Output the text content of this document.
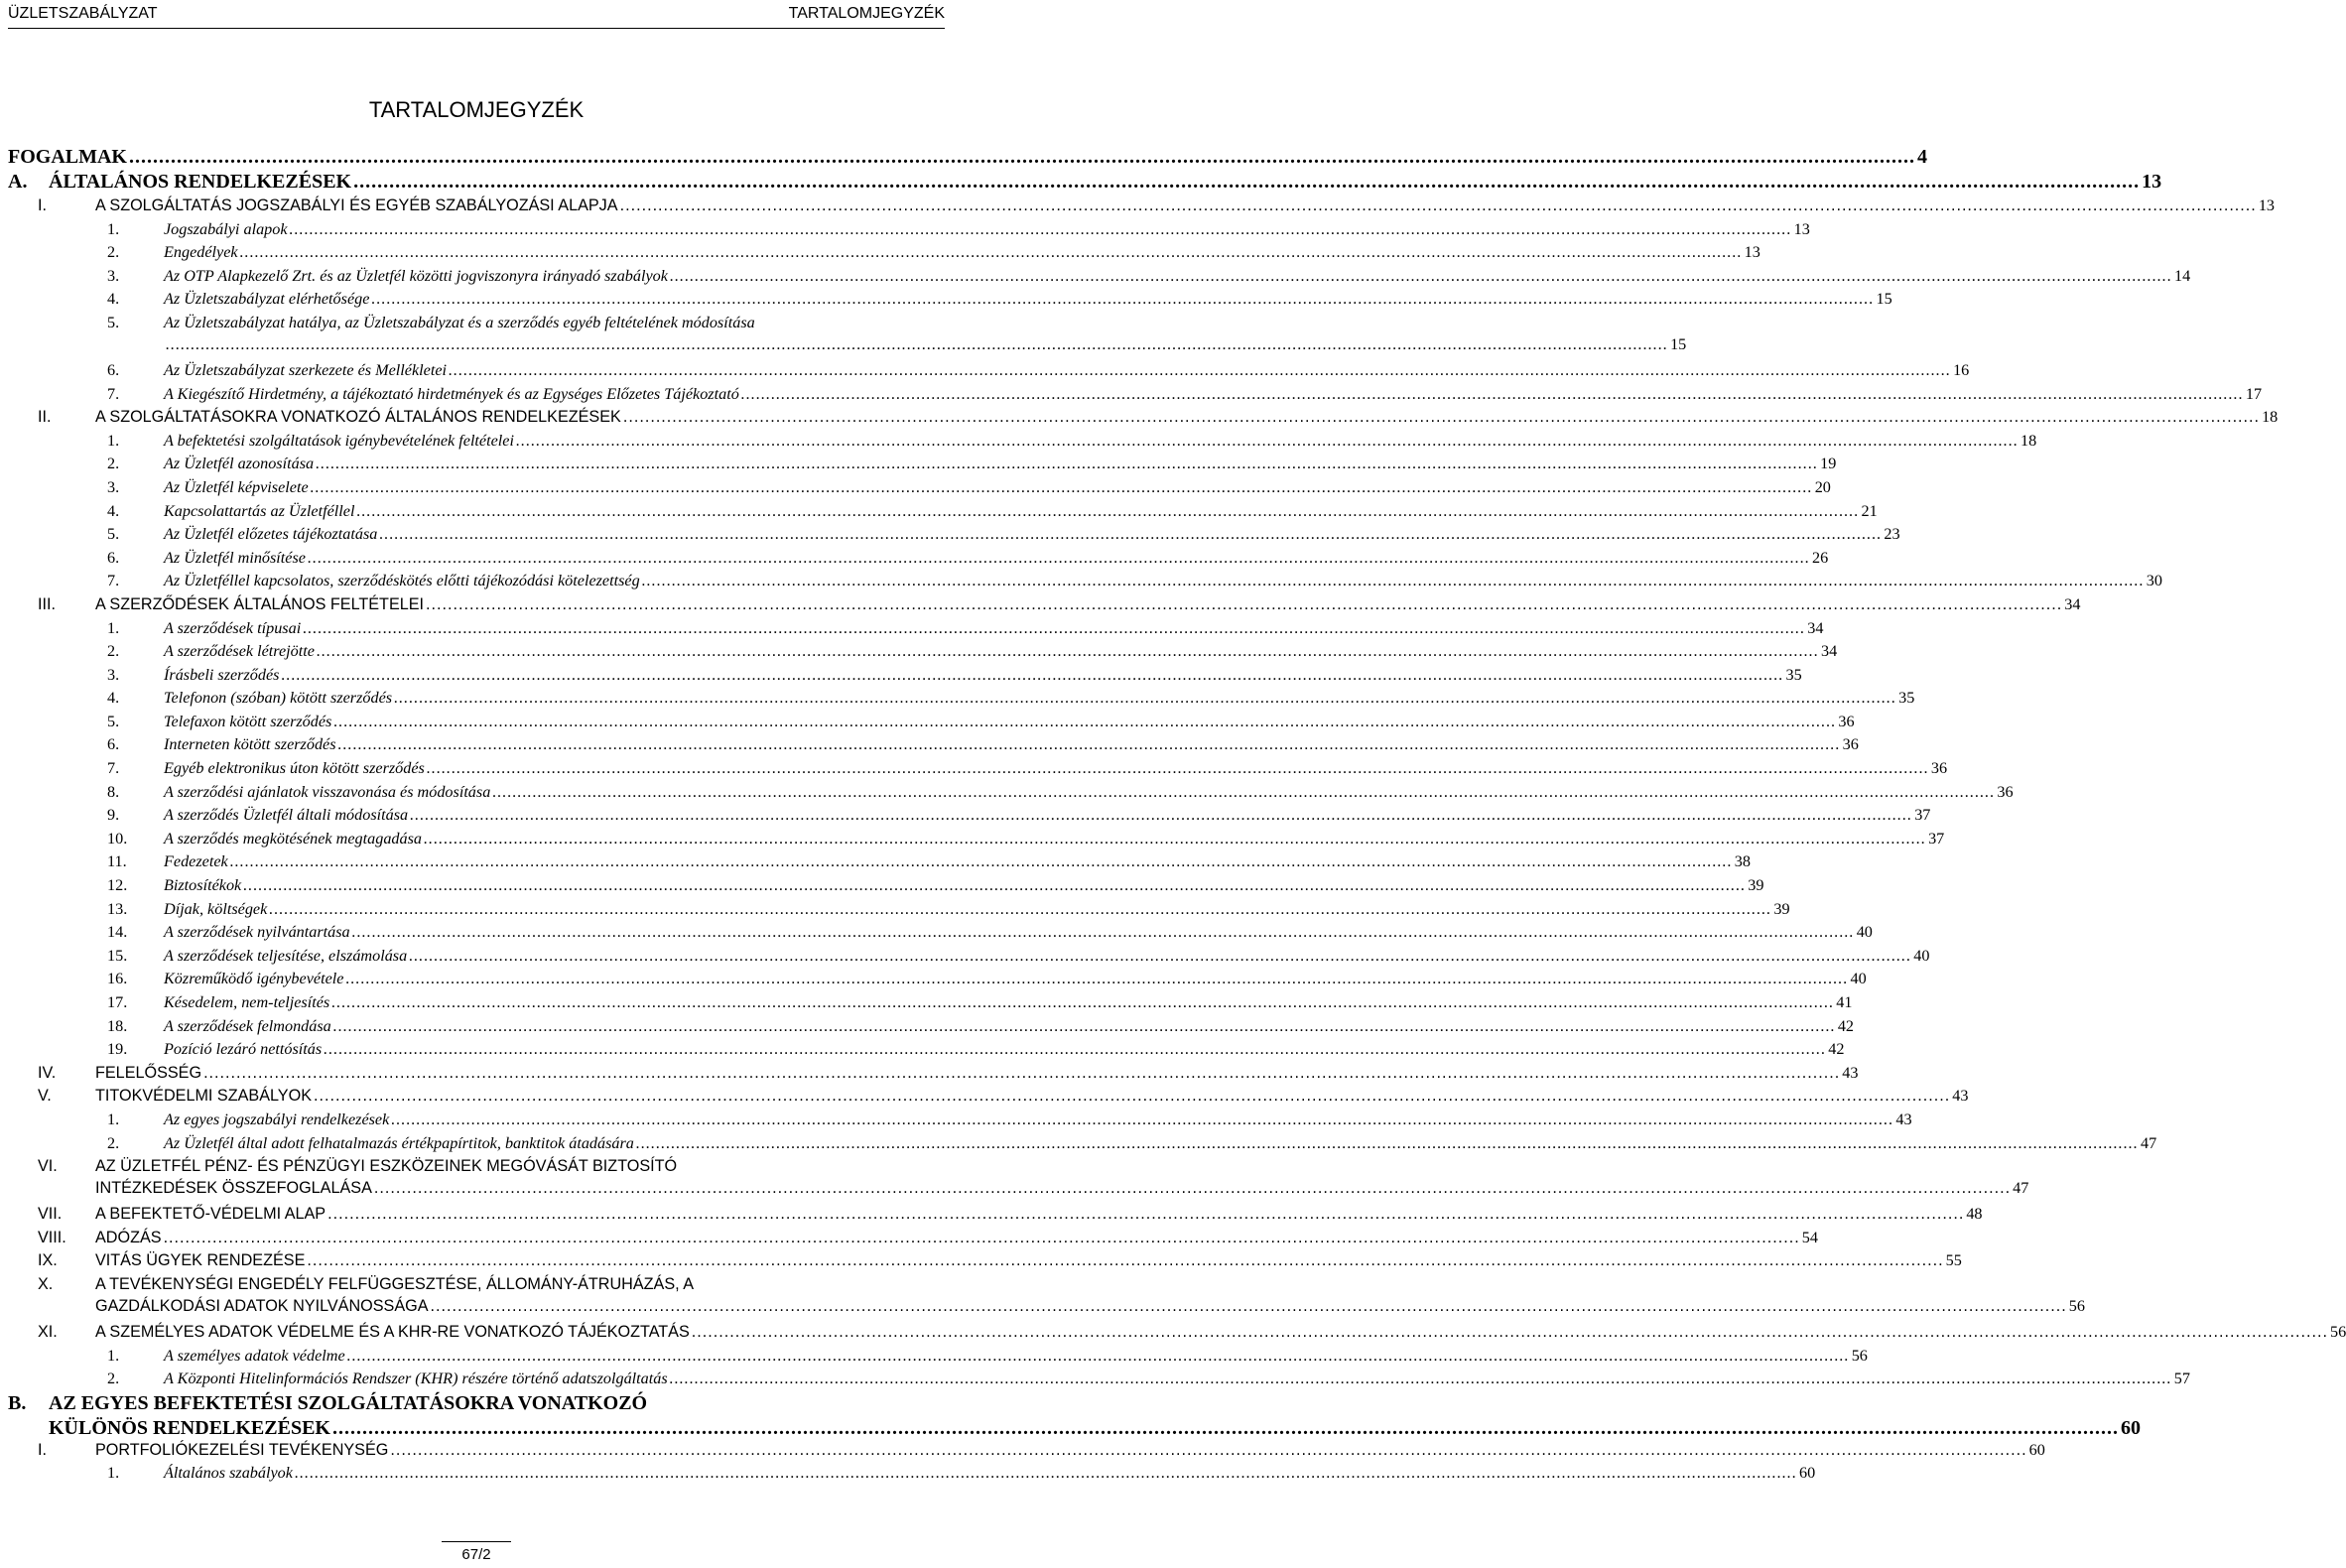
ÜZLETSZABÁLYZAT	TARTALOMJEGYZÉK
TARTALOMJEGYZÉK
FOGALMAK ............................................................................................................................................................................................................................................................................................................ 4
A. ÁLTALÁNOS RENDELKEZÉSEK ............................................................................................................................................................................................................................................................................................................ 13
I.	A SZOLGÁLTATÁS JOGSZABÁLYI ÉS EGYÉB SZABÁLYOZÁSI ALAPJA ............................................................................................................................................................................................................................................................................................................ 13
1.	Jogszabályi alapok ............................................................................................................................................................................................................................................................................................................ 13
2.	Engedélyek ............................................................................................................................................................................................................................................................................................................ 13
3.	Az OTP Alapkezelő Zrt. és az Üzletfél közötti jogviszonyra irányadó szabályok ............................................................................................................................................................................................................................................................................................................ 14
4.	Az Üzletszabályzat elérhetősége ............................................................................................................................................................................................................................................................................................................ 15
5.	Az Üzletszabályzat hatálya, az Üzletszabályzat és a szerződés egyéb feltételének módosítása
............................................................................................................................................................................................................................................................................................................ 15
6.	Az Üzletszabályzat szerkezete és Mellékletei ............................................................................................................................................................................................................................................................................................................ 16
7.	A Kiegészítő Hirdetmény, a tájékoztató hirdetmények és az Egységes Előzetes Tájékoztató ............................................................................................................................................................................................................................................................................................................ 17
II.	A SZOLGÁLTATÁSOKRA VONATKOZÓ ÁLTALÁNOS RENDELKEZÉSEK ............................................................................................................................................................................................................................................................................................................ 18
1.	A befektetési szolgáltatások igénybevételének feltételei ............................................................................................................................................................................................................................................................................................................ 18
2.	Az Üzletfél azonosítása ............................................................................................................................................................................................................................................................................................................ 19
3.	Az Üzletfél képviselete ............................................................................................................................................................................................................................................................................................................ 20
4.	Kapcsolattartás az Üzletféllel ............................................................................................................................................................................................................................................................................................................ 21
5.	Az Üzletfél előzetes tájékoztatása ............................................................................................................................................................................................................................................................................................................ 23
6.	Az Üzletfél minősítése ............................................................................................................................................................................................................................................................................................................ 26
7.	Az Üzletféllel kapcsolatos, szerződéskötés előtti tájékozódási kötelezettség ............................................................................................................................................................................................................................................................................................................ 30
III. A SZERZŐDÉSEK ÁLTALÁNOS FELTÉTELEI ............................................................................................................................................................................................................................................................................................................ 34
1.	A szerződések típusai ............................................................................................................................................................................................................................................................................................................ 34
2.	A szerződések létrejötte ............................................................................................................................................................................................................................................................................................................ 34
3.	Írásbeli szerződés ............................................................................................................................................................................................................................................................................................................ 35
4.	Telefonon (szóban) kötött szerződés ............................................................................................................................................................................................................................................................................................................ 35
5.	Telefaxon kötött szerződés ............................................................................................................................................................................................................................................................................................................ 36
6.	Interneten kötött szerződés ............................................................................................................................................................................................................................................................................................................ 36
7.	Egyéb elektronikus úton kötött szerződés ............................................................................................................................................................................................................................................................................................................ 36
8.	A szerződési ajánlatok visszavonása és módosítása ............................................................................................................................................................................................................................................................................................................ 36
9.	A szerződés Üzletfél általi módosítása ............................................................................................................................................................................................................................................................................................................ 37
10. A szerződés megkötésének megtagadása ............................................................................................................................................................................................................................................................................................................ 37
11. Fedezetek ............................................................................................................................................................................................................................................................................................................ 38
12. Biztosítékok ............................................................................................................................................................................................................................................................................................................ 39
13. Díjak, költségek ............................................................................................................................................................................................................................................................................................................ 39
14. A szerződések nyilvántartása ............................................................................................................................................................................................................................................................................................................ 40
15. A szerződések teljesítése, elszámolása ............................................................................................................................................................................................................................................................................................................ 40
16. Közreműködő igénybevétele ............................................................................................................................................................................................................................................................................................................ 40
17. Késedelem, nem-teljesítés ............................................................................................................................................................................................................................................................................................................ 41
18. A szerződések felmondása ............................................................................................................................................................................................................................................................................................................ 42
19. Pozíció lezáró nettósítás ............................................................................................................................................................................................................................................................................................................ 42
IV. FELELŐSSÉG ............................................................................................................................................................................................................................................................................................................ 43
V.	TITOKVÉDELMI SZABÁLYOK ............................................................................................................................................................................................................................................................................................................ 43
1.	Az egyes jogszabályi rendelkezések ............................................................................................................................................................................................................................................................................................................ 43
2.	Az Üzletfél által adott felhatalmazás értékpapírtitok, banktitok átadására ............................................................................................................................................................................................................................................................................................................ 47
VI. AZ ÜZLETFÉL PÉNZ- ÉS PÉNZÜGYI ESZKÖZEINEK MEGÓVÁSÁT BIZTOSÍTÓ
INTÉZKEDÉSEK ÖSSZEFOGLALÁSA ............................................................................................................................................................................................................................................................................................................ 47
VII. A BEFEKTETŐ-VÉDELMI ALAP ............................................................................................................................................................................................................................................................................................................ 48
VIII. ADÓZÁS ............................................................................................................................................................................................................................................................................................................ 54
IX. VITÁS ÜGYEK RENDEZÉSE ............................................................................................................................................................................................................................................................................................................ 55
X.	A TEVÉKENYSÉGI ENGEDÉLY FELFÜGGESZTÉSE, ÁLLOMÁNY-ÁTRUHÁZÁS, A
GAZDÁLKODÁSI ADATOK NYILVÁNOSSÁGA ............................................................................................................................................................................................................................................................................................................ 56
XI. A SZEMÉLYES ADATOK VÉDELME ÉS A KHR-RE VONATKOZÓ TÁJÉKOZTATÁS ............................................................................................................................................................................................................................................................................................................ 56
1.	A személyes adatok védelme ............................................................................................................................................................................................................................................................................................................ 56
2.	A Központi Hitelinformációs Rendszer (KHR) részére történő adatszolgáltatás ............................................................................................................................................................................................................................................................................................................ 57
B. AZ EGYES BEFEKTETÉSI SZOLGÁLTATÁSOKRA VONATKOZÓ
KÜLÖNÖS RENDELKEZÉSEK ............................................................................................................................................................................................................................................................................................................ 60
I.	PORTFOLIÓKEZELÉSI TEVÉKENYSÉG ............................................................................................................................................................................................................................................................................................................ 60
1.	Általános szabályok ............................................................................................................................................................................................................................................................................................................ 60
67/2
